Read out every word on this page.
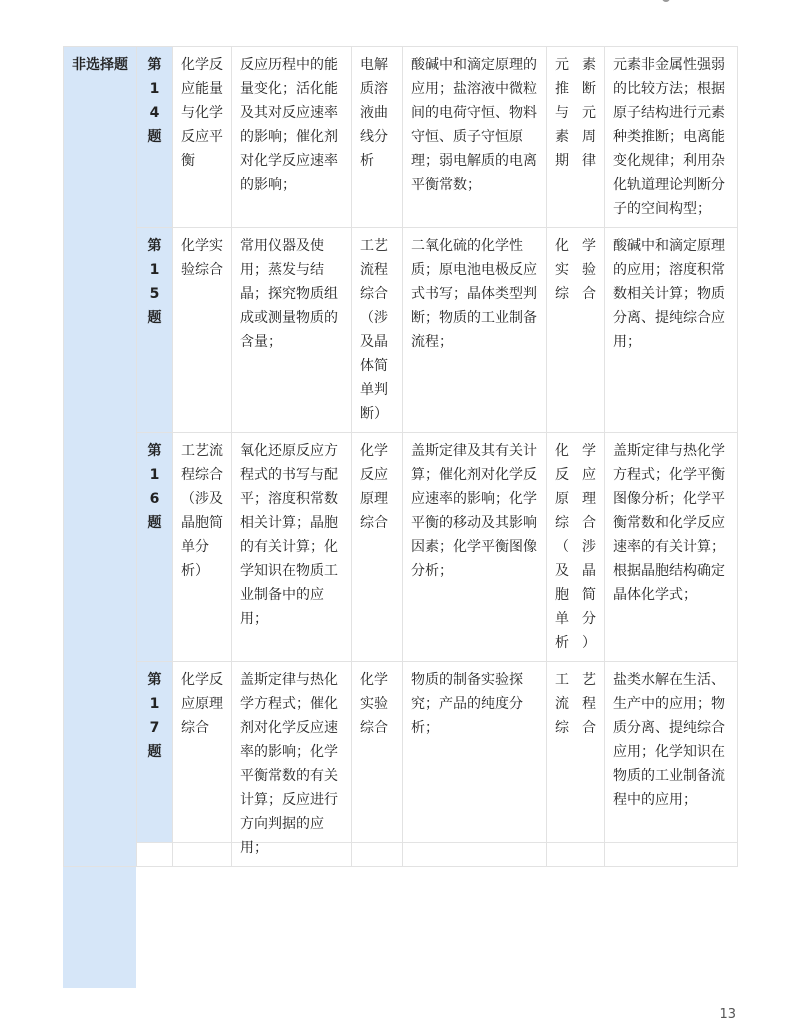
非选择题	第14题	化学反应能量与化学反应平衡	反应历程中的能量变化；活化能及其对反应速率的影响；催化剂对化学反应速率的影响；	电解质溶液曲线分析	酸碱中和滴定原理的应用；盐溶液中微粒间的电荷守恒、物料守恒、质子守恒原理；弱电解质的电离平衡常数；	元素推断与元素周期律	元素非金属性强弱的比较方法；根据原子结构进行元素种类推断；电离能变化规律；利用杂化轨道理论判断分子的空间构型；
	第15题	化学实验综合	常用仪器及使用；蒸发与结晶；探究物质组成或测量物质的含量；	工艺流程综合（涉及晶体简单判断）	二氧化硫的化学性质；原电池电极反应式书写；晶体类型判断；物质的工业制备流程；	化学实验综合	酸碱中和滴定原理的应用；溶度积常数相关计算；物质分离、提纯综合应用；
	第16题	工艺流程综合（涉及晶胞简单分析）	氧化还原反应方程式的书写与配平；溶度积常数相关计算；晶胞的有关计算；化学知识在物质工业制备中的应用；	化学反应原理综合	盖斯定律及其有关计算；催化剂对化学反应速率的影响；化学平衡的移动及其影响因素；化学平衡图像分析；	化学反应原理综合（涉及晶胞简单分析）	盖斯定律与热化学方程式；化学平衡图像分析；化学平衡常数和化学反应速率的有关计算；根据晶胞结构确定晶体化学式；
	第17题	化学反应原理综合	盖斯定律与热化学方程式；催化剂对化学反应速率的影响；化学平衡常数的有关计算；反应进行方向判据的应用；	化学实验综合	物质的制备实验探究；产品的纯度分析；	工艺流程综合	盐类水解在生活、生产中的应用；物质分离、提纯综合应用；化学知识在物质的工业制备流程中的应用；
13
